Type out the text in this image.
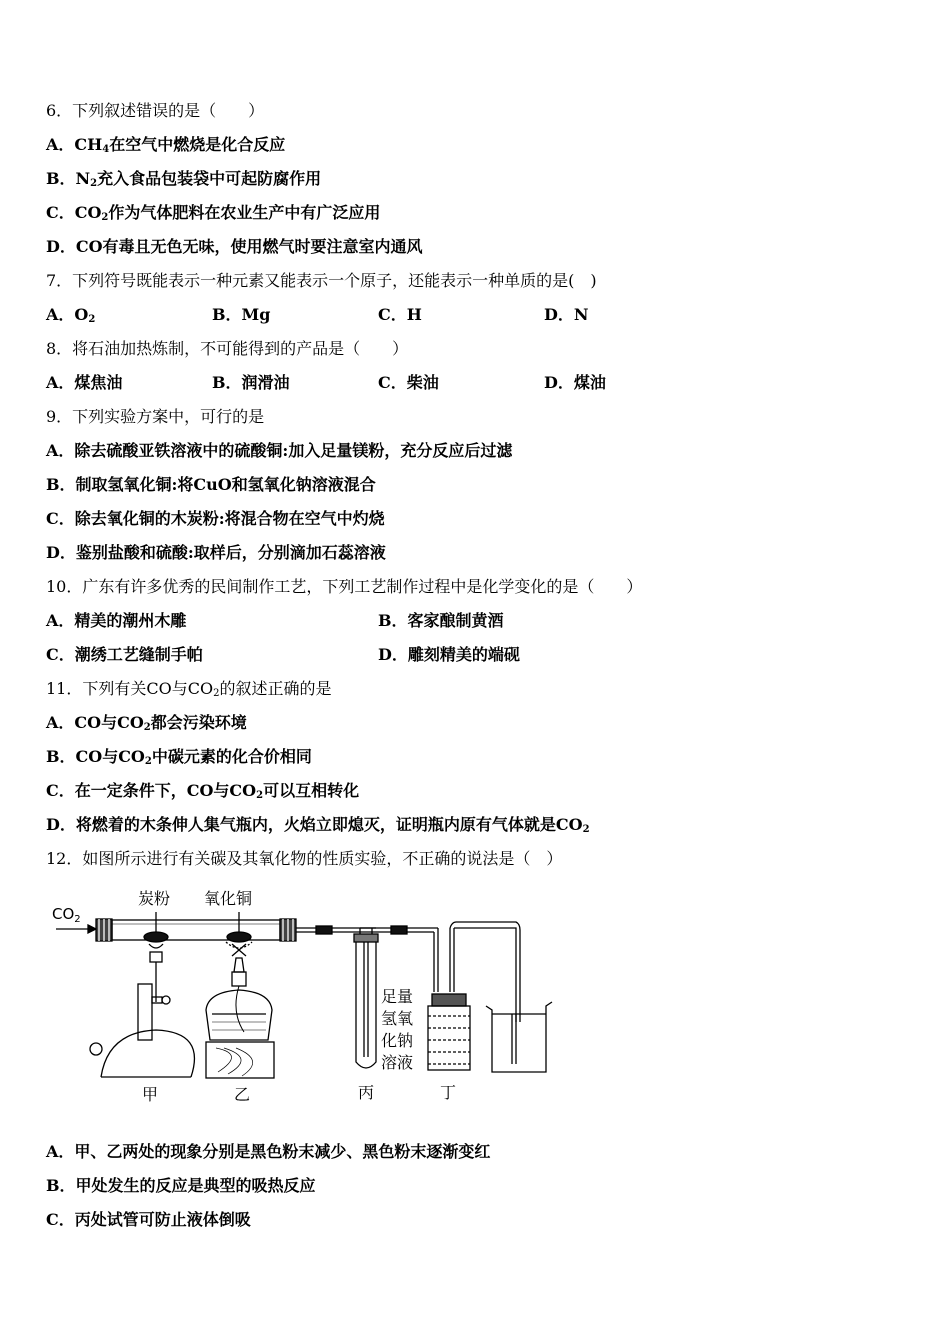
6．下列叙述错误的是（　　）
A．$CH_4$在空气中燃烧是化合反应
B．$N_2$充入食品包装袋中可起防腐作用
C．$CO_2$作为气体肥料在农业生产中有广泛应用
D．CO有毒且无色无味，使用燃气时要注意室内通风
7．下列符号既能表示一种元素又能表示一个原子，还能表示一种单质的是(　)
A．$O_2$	B．Mg	C．H	D．N
8．将石油加热炼制，不可能得到的产品是（　　）
A．煤焦油	B．润滑油	C．柴油	D．煤油
9．下列实验方案中，可行的是
A．除去硫酸亚铁溶液中的硫酸铜:加入足量镁粉，充分反应后过滤
B．制取氢氧化铜:将CuO和氢氧化钠溶液混合
C．除去氧化铜的木炭粉:将混合物在空气中灼烧
D．鉴别盐酸和硫酸:取样后，分别滴加石蕊溶液
10．广东有许多优秀的民间制作工艺，下列工艺制作过程中是化学变化的是（　　）
A．精美的潮州木雕	B．客家酿制黄酒
C．潮绣工艺缝制手帕	D．雕刻精美的端砚
11．下列有关CO与$CO_2$的叙述正确的是
A．CO与$CO_2$都会污染环境
B．CO与$CO_2$中碳元素的化合价相同
C．在一定条件下，CO与$CO_2$可以互相转化
D．将燃着的木条伸人集气瓶内，火焰立即熄灭，证明瓶内原有气体就是$CO_2$
12．如图所示进行有关碳及其氧化物的性质实验，不正确的说法是（　）
$CO_2$
炭粉 氧化铜
足量
氢氧
化钠
溶液
甲	乙	丙	丁
A．甲、乙两处的现象分别是黑色粉末减少、黑色粉末逐渐变红
B．甲处发生的反应是典型的吸热反应
C．丙处试管可防止液体倒吸
